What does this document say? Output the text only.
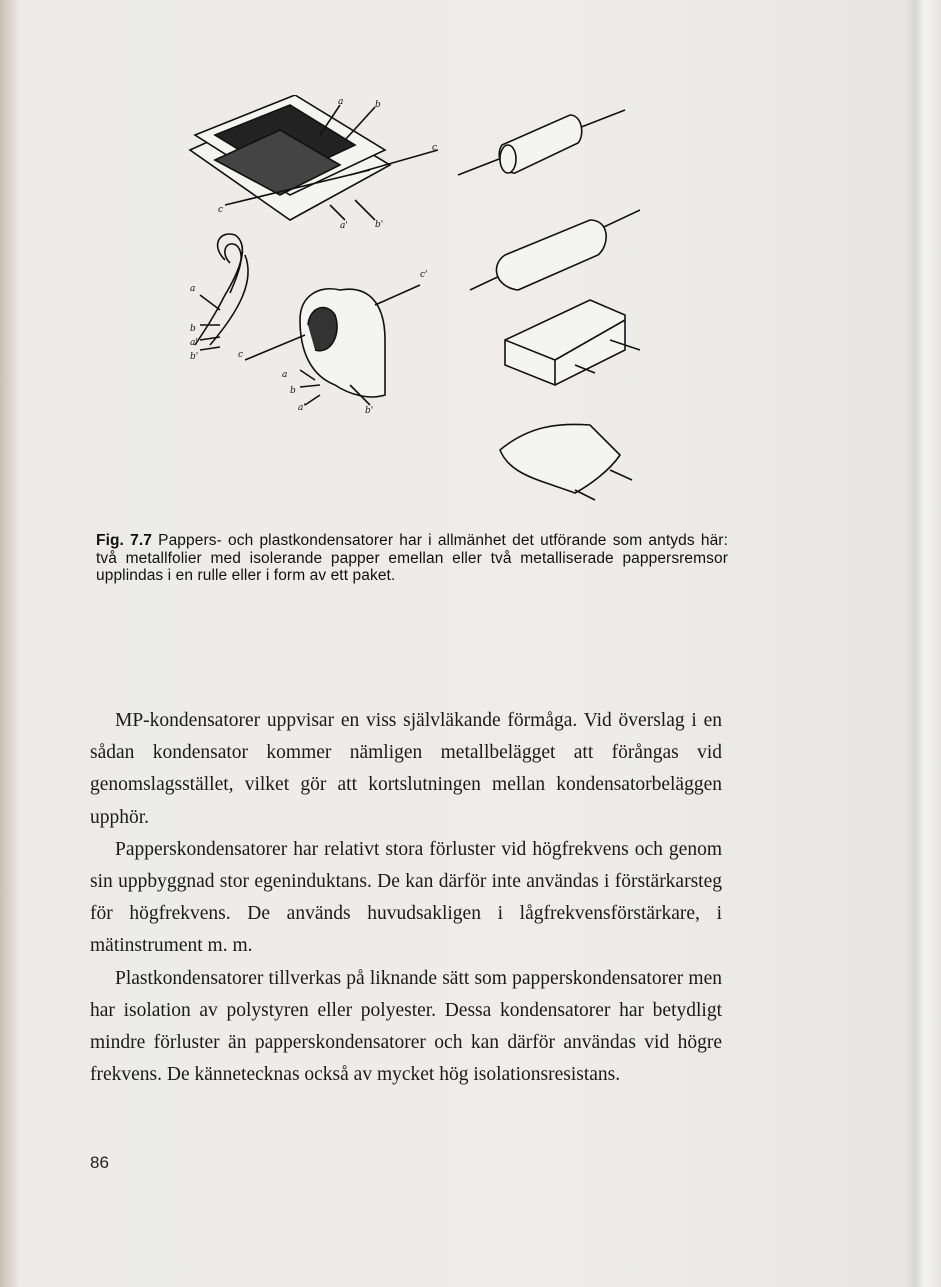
a	b
c
c
a'	b'
a
b
a'
b'	c
c'
a
b
a'	b'
Fig. 7.7 Pappers- och plastkondensatorer har i allmänhet det utförande som antyds här: två metallfolier med isolerande papper emellan eller två metalliserade pappersremsor upplindas i en rulle eller i form av ett paket.

MP-kondensatorer uppvisar en viss självläkande förmåga. Vid överslag i en sådan kondensator kommer nämligen metallbelägget att förångas vid genomslagsstället, vilket gör att kortslutningen mellan kondensatorbeläggen upphör.

Papperskondensatorer har relativt stora förluster vid högfrekvens och genom sin uppbyggnad stor egeninduktans. De kan därför inte användas i förstärkarsteg för högfrekvens. De används huvudsakligen i lågfrekvensförstärkare, i mätinstrument m. m.

Plastkondensatorer tillverkas på liknande sätt som papperskondensatorer men har isolation av polystyren eller polyester. Dessa kondensatorer har betydligt mindre förluster än papperskondensatorer och kan därför användas vid högre frekvens. De kännetecknas också av mycket hög isolationsresistans.

86
